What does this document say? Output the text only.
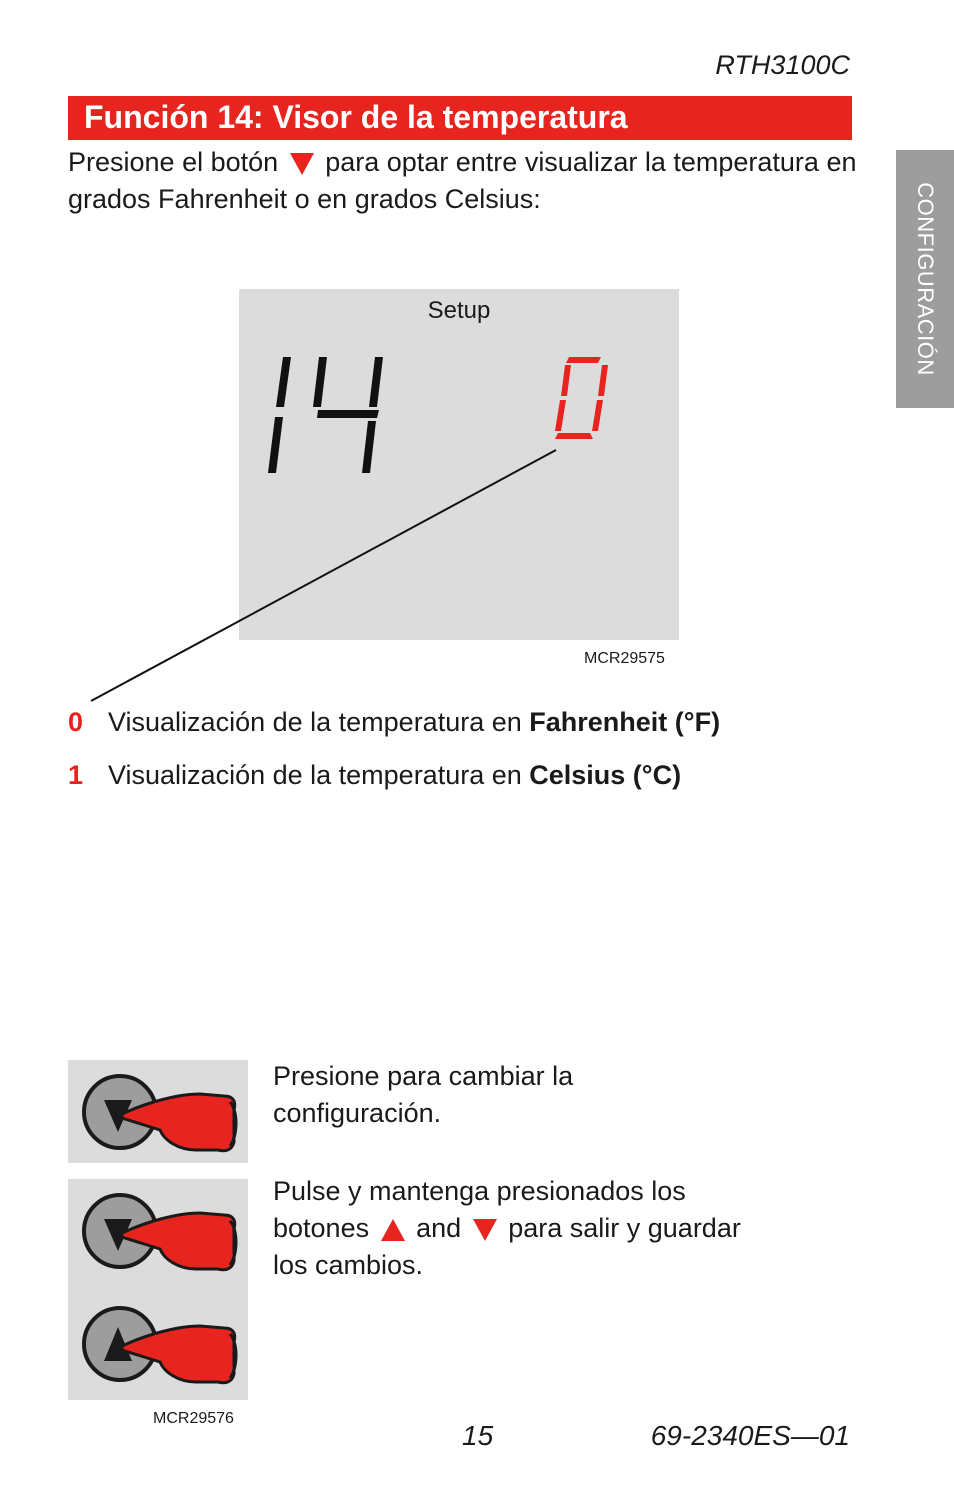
RTH3100C
Función 14: Visor de la temperatura
CONFIGURACIÓN
Presione el botón para optar entre visualizar la temperatura en grados Fahrenheit o en grados Celsius:
Setup
MCR29575
0 Visualización de la temperatura en Fahrenheit (°F)
1 Visualización de la temperatura en Celsius (°C)
Presione para cambiar la configuración.
Pulse y mantenga presionados los botones and para salir y guardar los cambios.
MCR29576
15	69-2340ES—01
